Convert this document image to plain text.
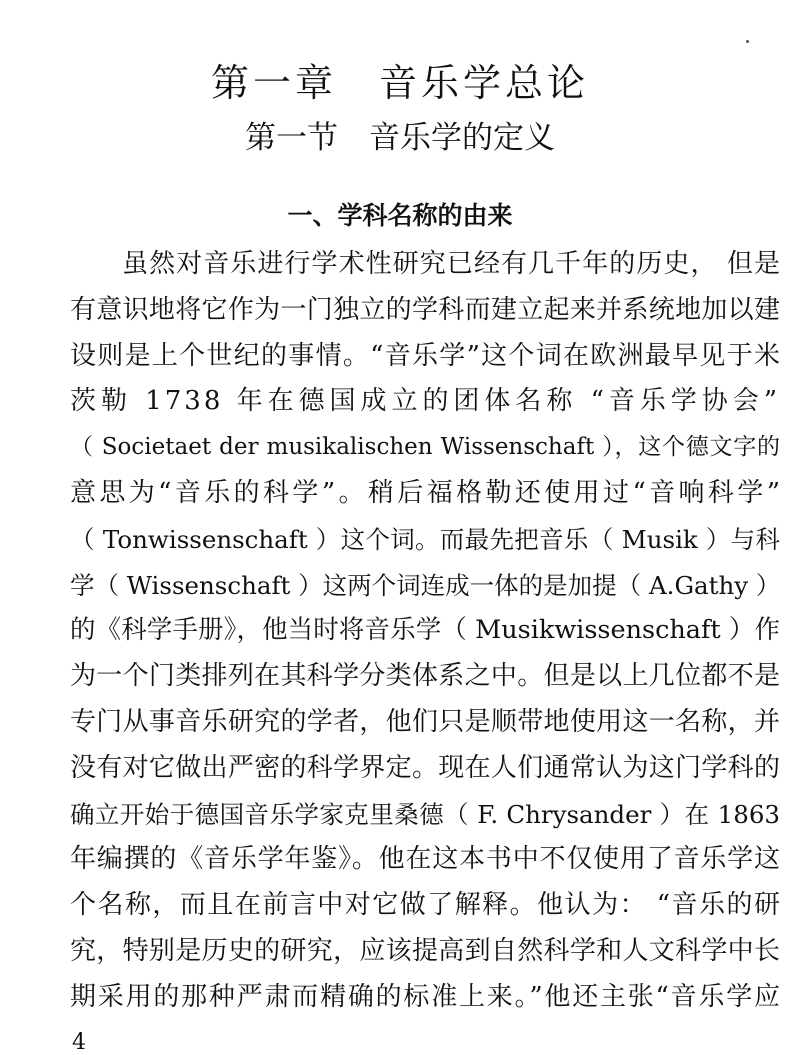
第一章　音乐学总论
第一节　音乐学的定义
一、学科名称的由来
虽然对音乐进行学术性研究已经有几千年的历史， 但是
有意识地将它作为一门独立的学科而建立起来并系统地加以建
设则是上个世纪的事情。“音乐学”这个词在欧洲最早见于米
茨勒 1738 年在德国成立的团体名称 “音乐学协会”
（ Societaet der musikalischen Wissenschaft ），这个德文字的
意思为“音乐的科学”。稍后福格勒还使用过“音响科学”
（ Tonwissenschaft ）这个词。而最先把音乐（ Musik ）与科
学（ Wissenschaft ）这两个词连成一体的是加提（ A.Gathy ）
的《科学手册》，他当时将音乐学（ Musikwissenschaft ）作
为一个门类排列在其科学分类体系之中。但是以上几位都不是
专门从事音乐研究的学者，他们只是顺带地使用这一名称，并
没有对它做出严密的科学界定。现在人们通常认为这门学科的
确立开始于德国音乐学家克里桑德（ F. Chrysander ）在 1863
年编撰的《音乐学年鉴》。他在这本书中不仅使用了音乐学这
个名称，而且在前言中对它做了解释。他认为： “音乐的研
究，特别是历史的研究，应该提高到自然科学和人文科学中长
期采用的那种严肃而精确的标准上来。”他还主张“音乐学应
4
